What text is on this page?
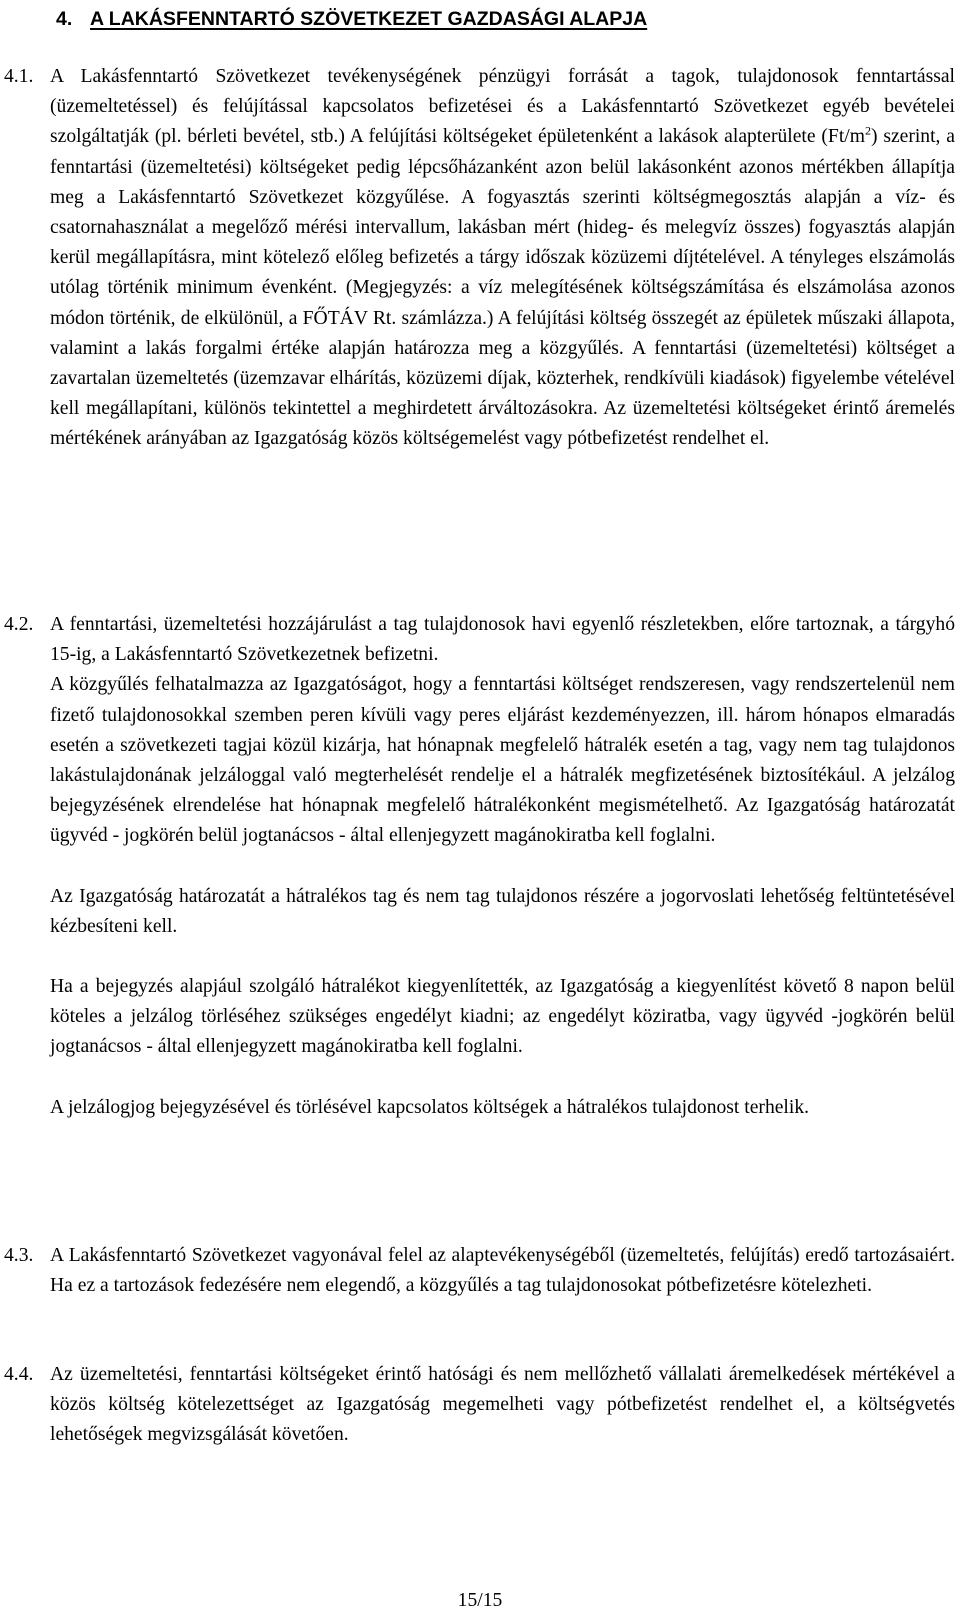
4. A LAKÁSFENNTARTÓ SZÖVETKEZET GAZDASÁGI ALAPJA
4.1. A Lakásfenntartó Szövetkezet tevékenységének pénzügyi forrását a tagok, tulajdonosok fenntartással (üzemeltetéssel) és felújítással kapcsolatos befizetései és a Lakásfenntartó Szövetkezet egyéb bevételei szolgáltatják (pl. bérleti bevétel, stb.) A felújítási költségeket épületenként a lakások alapterülete $(Ft/m^2)$ szerint, a fenntartási (üzemeltetési) költségeket pedig lépcsőházanként azon belül lakásonként azonos mértékben állapítja meg a Lakásfenntartó Szövetkezet közgyűlése. A fogyasztás szerinti költségmegosztás alapján a víz- és csatornahasználat a megelőző mérési intervallum, lakásban mért (hideg- és melegvíz összes) fogyasztás alapján kerül megállapításra, mint kötelező előleg befizetés a tárgy időszak közüzemi díjtételével. A tényleges elszámolás utólag történik minimum évenként. (Megjegyzés: a víz melegítésének költségszámítása és elszámolása azonos módon történik, de elkülönül, a FŐTÁV Rt. számlázza.) A felújítási költség összegét az épületek műszaki állapota, valamint a lakás forgalmi értéke alapján határozza meg a közgyűlés. A fenntartási (üzemeltetési) költséget a zavartalan üzemeltetés (üzemzavar elhárítás, közüzemi díjak, közterhek, rendkívüli kiadások) figyelembe vételével kell megállapítani, különös tekintettel a meghirdetett árváltozásokra. Az üzemeltetési költségeket érintő áremelés mértékének arányában az Igazgatóság közös költségemelést vagy pótbefizetést rendelhet el.
4.2. A fenntartási, üzemeltetési hozzájárulást a tag tulajdonosok havi egyenlő részletekben, előre tartoznak, a tárgyhó 15-ig, a Lakásfenntartó Szövetkezetnek befizetni.
A közgyűlés felhatalmazza az Igazgatóságot, hogy a fenntartási költséget rendszeresen, vagy rendszertelenül nem fizető tulajdonosokkal szemben peren kívüli vagy peres eljárást kezdeményezzen, ill. három hónapos elmaradás esetén a szövetkezeti tagjai közül kizárja, hat hónapnak megfelelő hátralék esetén a tag, vagy nem tag tulajdonos lakástulajdonának jelzáloggal való megterhelését rendelje el a hátralék megfizetésének biztosítékául. A jelzálog bejegyzésének elrendelése hat hónapnak megfelelő hátralékonként megismételhető. Az Igazgatóság határozatát ügyvéd - jogkörén belül jogtanácsos - által ellenjegyzett magánokiratba kell foglalni.
Az Igazgatóság határozatát a hátralékos tag és nem tag tulajdonos részére a jogorvoslati lehetőség feltüntetésével kézbesíteni kell.
Ha a bejegyzés alapjául szolgáló hátralékot kiegyenlítették, az Igazgatóság a kiegyenlítést követő 8 napon belül köteles a jelzálog törléséhez szükséges engedélyt kiadni; az engedélyt köziratba, vagy ügyvéd -jogkörén belül jogtanácsos - által ellenjegyzett magánokiratba kell foglalni.
A jelzálogjog bejegyzésével és törlésével kapcsolatos költségek a hátralékos tulajdonost terhelik.
4.3. A Lakásfenntartó Szövetkezet vagyonával felel az alaptevékenységéből (üzemeltetés, felújítás) eredő tartozásaiért. Ha ez a tartozások fedezésére nem elegendő, a közgyűlés a tag tulajdonosokat pótbefizetésre kötelezheti.
4.4. Az üzemeltetési, fenntartási költségeket érintő hatósági és nem mellőzhető vállalati áremelkedések mértékével a közös költség kötelezettséget az Igazgatóság megemelheti vagy pótbefizetést rendelhet el, a költségvetés lehetőségek megvizsgálását követően.
15/15
